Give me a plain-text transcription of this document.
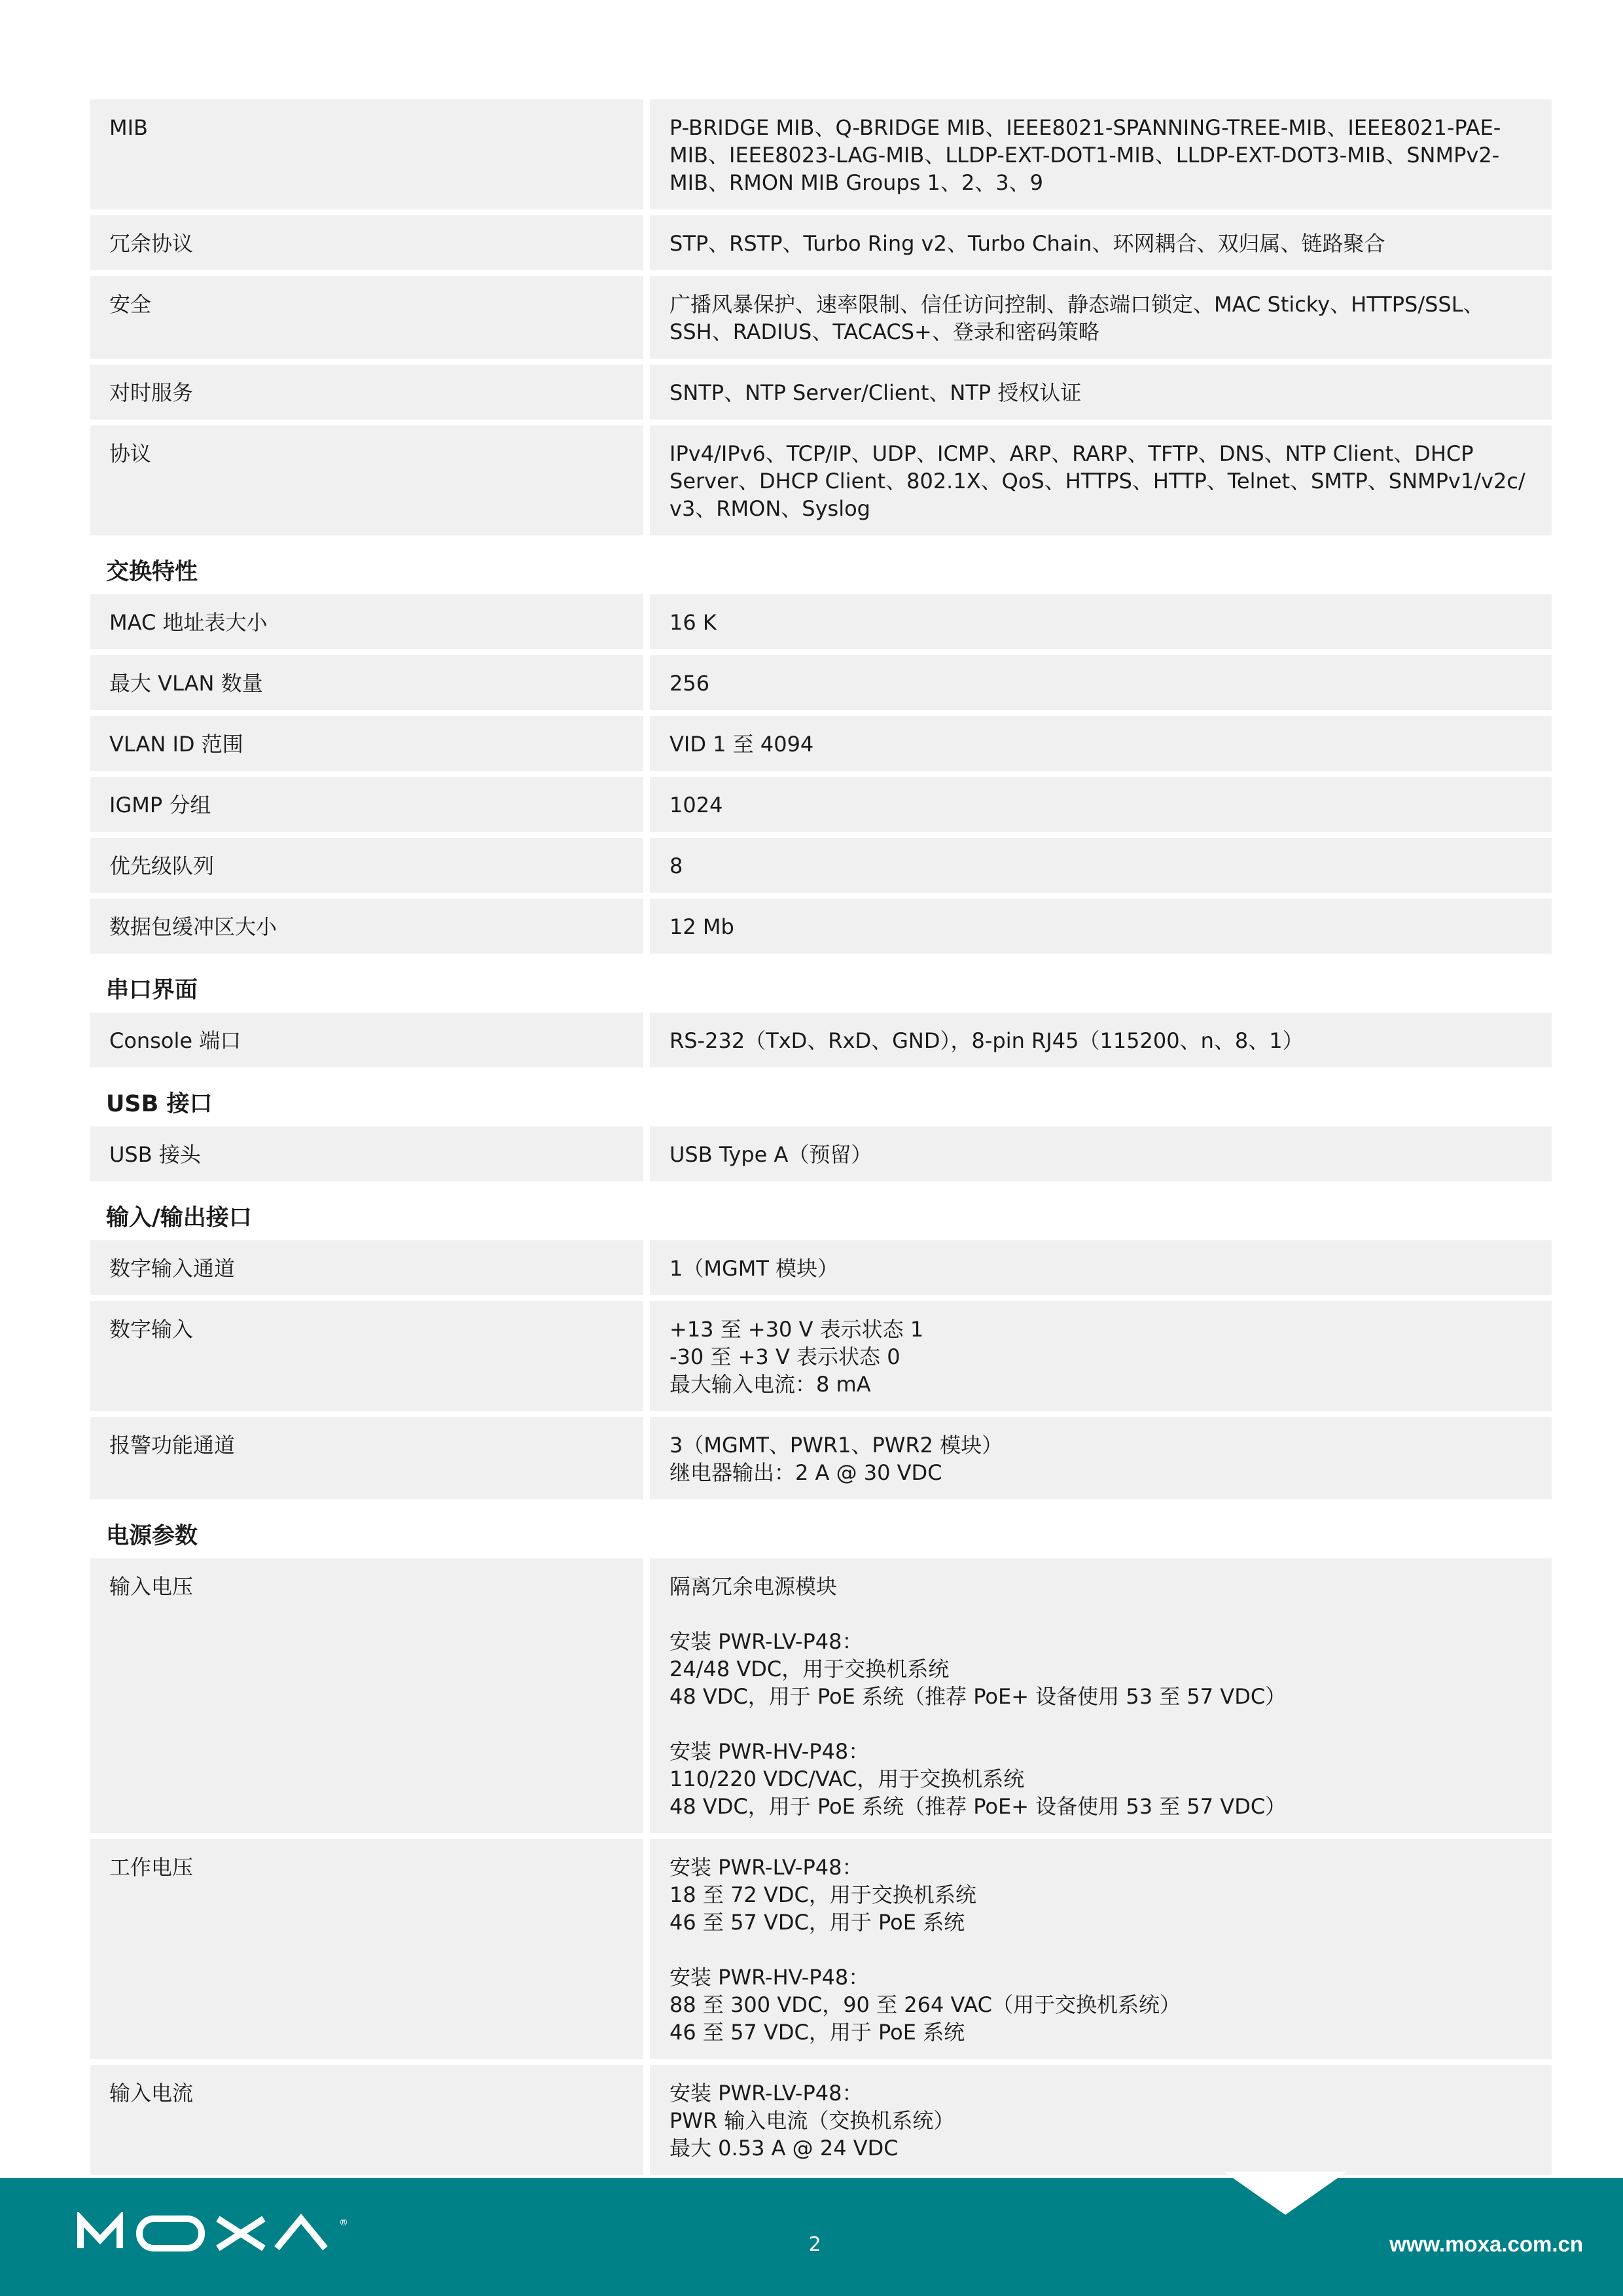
MIB	P-BRIDGE MIB、Q-BRIDGE MIB、IEEE8021-SPANNING-TREE-MIB、IEEE8021-PAE-
MIB、IEEE8023-LAG-MIB、LLDP-EXT-DOT1-MIB、LLDP-EXT-DOT3-MIB、SNMPv2-
MIB、RMON MIB Groups 1、2、3、9
冗余协议	STP、RSTP、Turbo Ring v2、Turbo Chain、环网耦合、双归属、链路聚合
安全	广播风暴保护、速率限制、信任访问控制、静态端口锁定、MAC Sticky、HTTPS/SSL、
SSH、RADIUS、TACACS+、登录和密码策略
对时服务	SNTP、NTP Server/Client、NTP 授权认证
协议	IPv4/IPv6、TCP/IP、UDP、ICMP、ARP、RARP、TFTP、DNS、NTP Client、DHCP
Server、DHCP Client、802.1X、QoS、HTTPS、HTTP、Telnet、SMTP、SNMPv1/v2c/
v3、RMON、Syslog
交换特性
MAC 地址表大小	16 K
最大 VLAN 数量	256
VLAN ID 范围	VID 1 至 4094
IGMP 分组	1024
优先级队列	8
数据包缓冲区大小	12 Mb
串口界面
Console 端口	RS-232（TxD、RxD、GND），8-pin RJ45（115200、n、8、1）
USB 接口
USB 接头	USB Type A（预留）
输入/输出接口
数字输入通道	1（MGMT 模块）
数字输入	+13 至 +30 V 表示状态 1
-30 至 +3 V 表示状态 0
最大输入电流：8 mA
报警功能通道	3（MGMT、PWR1、PWR2 模块）
继电器输出：2 A @ 30 VDC
电源参数
输入电压	隔离冗余电源模块
安装 PWR-LV-P48：
24/48 VDC，用于交换机系统
48 VDC，用于 PoE 系统（推荐 PoE+ 设备使用 53 至 57 VDC）
安装 PWR-HV-P48：
110/220 VDC/VAC，用于交换机系统
48 VDC，用于 PoE 系统（推荐 PoE+ 设备使用 53 至 57 VDC）
工作电压	安装 PWR-LV-P48：
18 至 72 VDC，用于交换机系统
46 至 57 VDC，用于 PoE 系统
安装 PWR-HV-P48：
88 至 300 VDC，90 至 264 VAC（用于交换机系统）
46 至 57 VDC，用于 PoE 系统
输入电流	安装 PWR-LV-P48：
PWR 输入电流（交换机系统）
最大 0.53 A @ 24 VDC
®
2	www.moxa.com.cn
